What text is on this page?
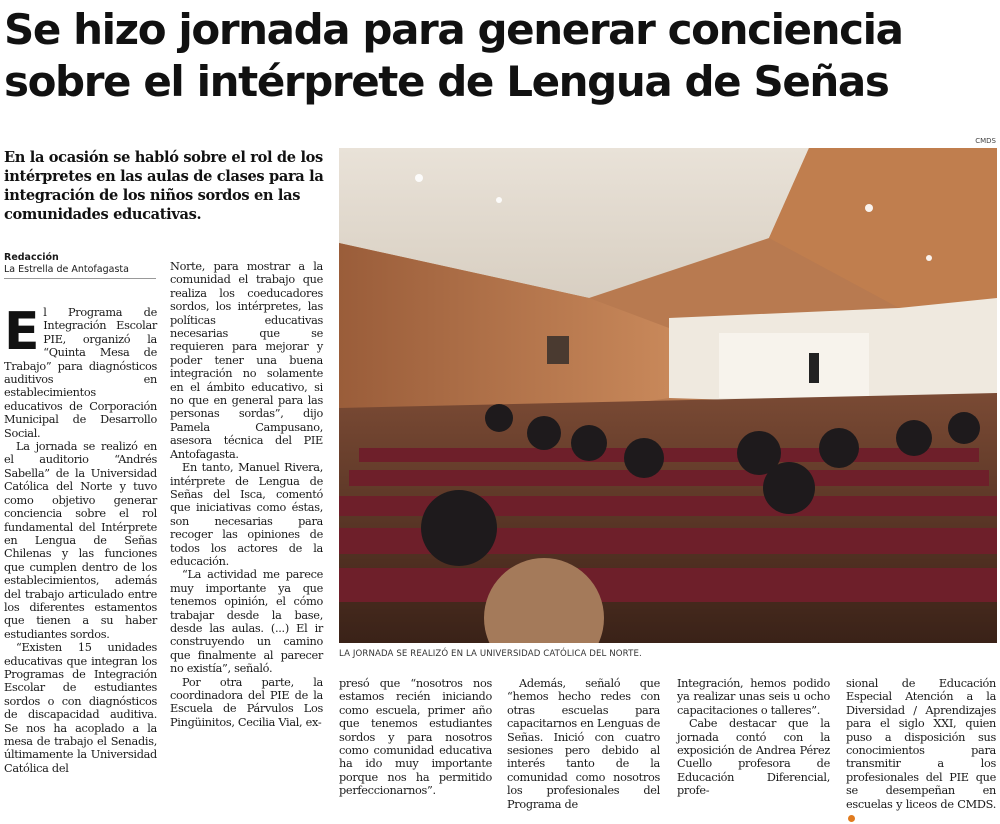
Se hizo jornada para generar conciencia
sobre el intérprete de Lengua de Señas
CMDS

En la ocasión se habló sobre el rol de los intérpretes en las aulas de clases para la integración de los niños sordos en las comunidades educativas.

Redacción
La Estrella de Antofagasta

El Programa de Integración Escolar PIE, organizó la “Quinta Mesa de Trabajo” para diagnósticos auditivos en establecimientos educativos de Corporación Municipal de Desarrollo Social.

La jornada se realizó en el auditorio “Andrés Sabella” de la Universidad Católica del Norte y tuvo como objetivo generar conciencia sobre el rol fundamental del Intérprete en Lengua de Señas Chilenas y las funciones que cumplen dentro de los establecimientos, además del trabajo articulado entre los diferentes estamentos que tienen a su haber estudiantes sordos.

“Existen 15 unidades educativas que integran los Programas de Integración Escolar de estudiantes sordos o con diagnósticos de discapacidad auditiva. Se nos ha acoplado a la mesa de trabajo el Senadis, últimamente la Universidad Católica del

Norte, para mostrar a la comunidad el trabajo que realiza los coeducadores sordos, los intérpretes, las políticas educativas necesarias que se requieren para mejorar y poder tener una buena integración no solamente en el ámbito educativo, si no que en general para las personas sordas”, dijo Pamela Campusano, asesora técnica del PIE Antofagasta.

En tanto, Manuel Rivera, intérprete de Lengua de Señas del Isca, comentó que iniciativas como éstas, son necesarias para recoger las opiniones de todos los actores de la educación.

“La actividad me parece muy importante ya que tenemos opinión, el cómo trabajar desde la base, desde las aulas. (...) El ir construyendo un camino que finalmente al parecer no existía”, señaló.

Por otra parte, la coordinadora del PIE de la Escuela de Párvulos Los Pingüinitos, Cecilia Vial, ex-

LA JORNADA SE REALIZÓ EN LA UNIVERSIDAD CATÓLICA DEL NORTE.

presó que “nosotros nos estamos recién iniciando como escuela, primer año que tenemos estudiantes sordos y para nosotros como comunidad educativa ha ido muy importante porque nos ha permitido perfeccionarnos”.

Además, señaló que “hemos hecho redes con otras escuelas para capacitarnos en Lenguas de Señas. Inició con cuatro sesiones pero debido al interés tanto de la comunidad como nosotros los profesionales del Programa de

Integración, hemos podido ya realizar unas seis u ocho capacitaciones o talleres”.

Cabe destacar que la jornada contó con la exposición de Andrea Pérez Cuello profesora de Educación Diferencial, profe-

sional de Educación Especial Atención a la Diversidad / Aprendizajes para el siglo XXI, quien puso a disposición sus conocimientos para transmitir a los profesionales del PIE que se desempeñan en escuelas y liceos de CMDS.
